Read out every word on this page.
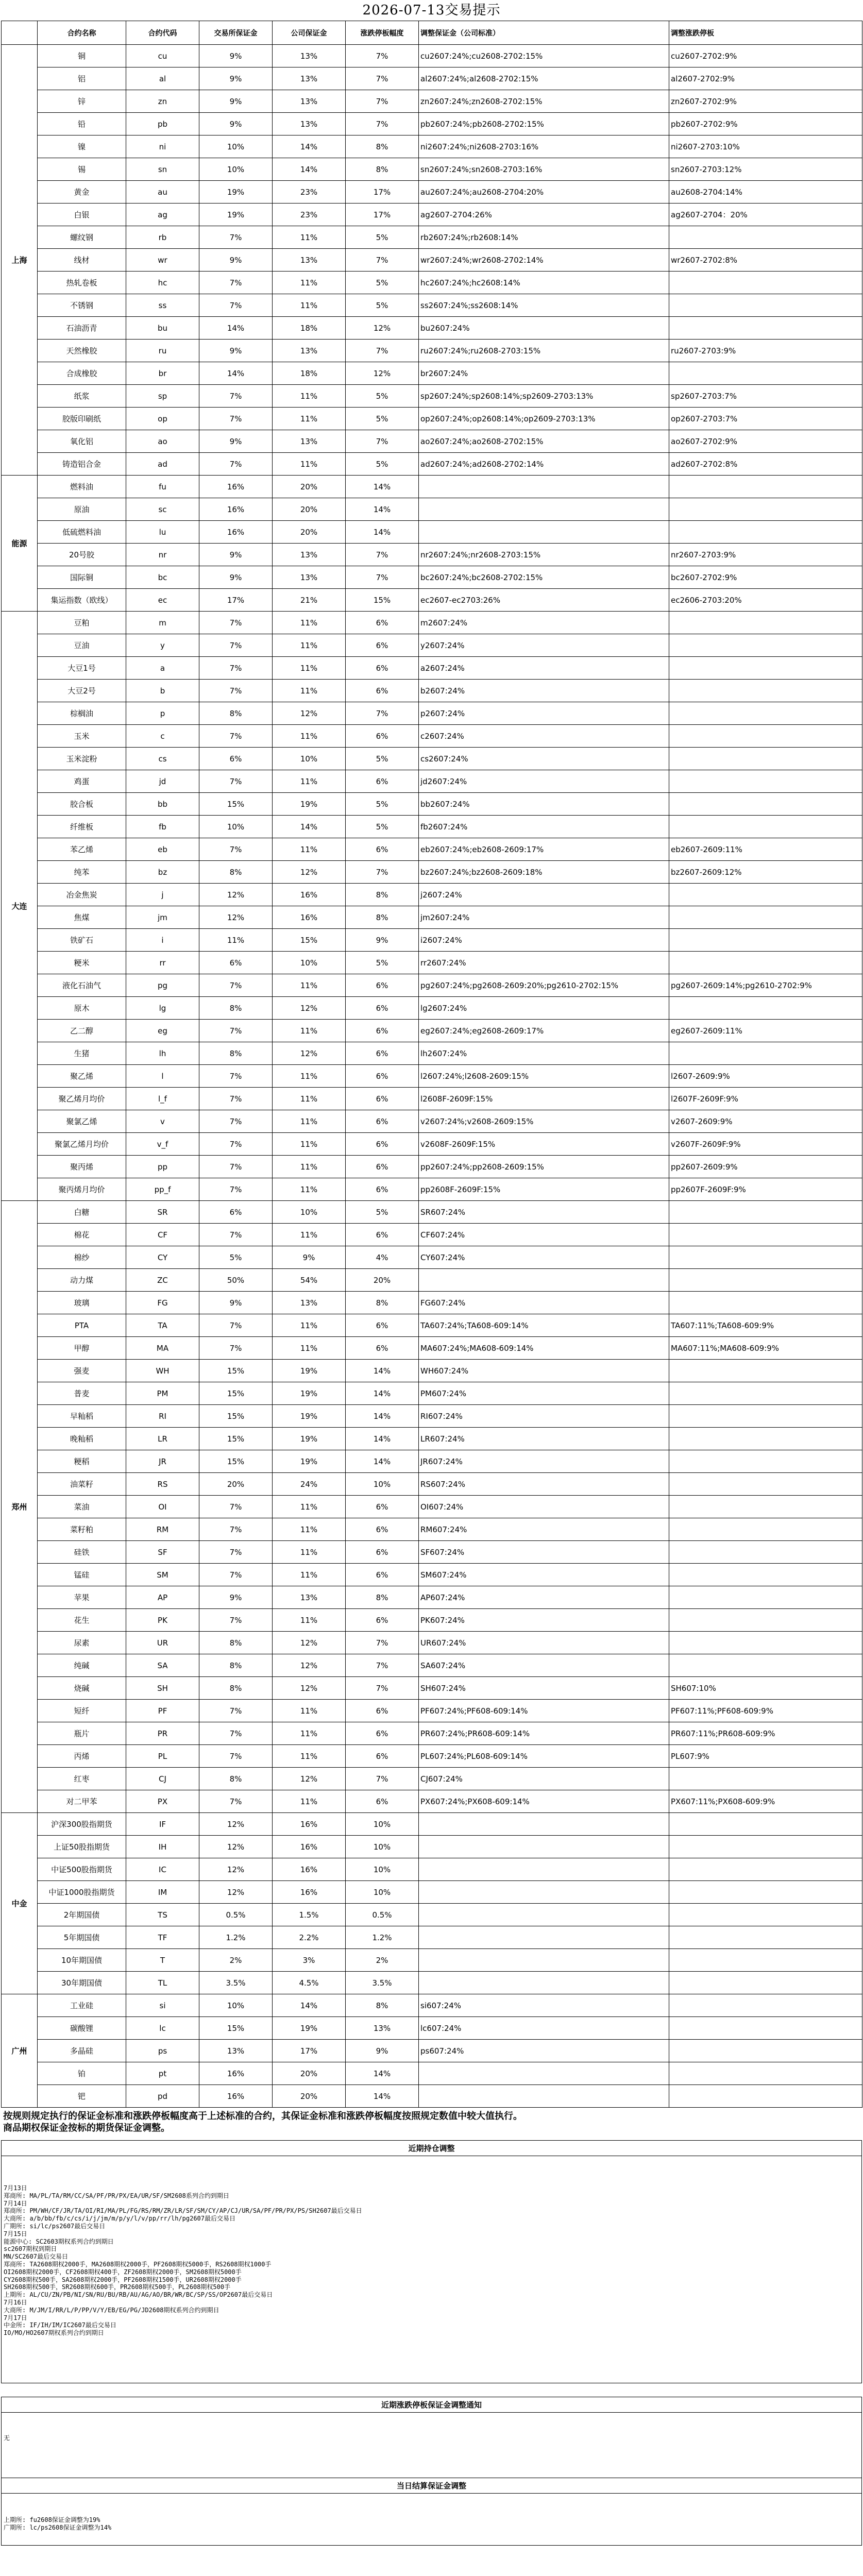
2026-07-13交易提示
	合约名称	合约代码	交易所保证金	公司保证金	涨跌停板幅度	调整保证金（公司标准）	调整涨跌停板
上海	铜	cu	9%	13%	7%	cu2607:24%;cu2608-2702:15%	cu2607-2702:9%
	铝	al	9%	13%	7%	al2607:24%;al2608-2702:15%	al2607-2702:9%
	锌	zn	9%	13%	7%	zn2607:24%;zn2608-2702:15%	zn2607-2702:9%
	铅	pb	9%	13%	7%	pb2607:24%;pb2608-2702:15%	pb2607-2702:9%
	镍	ni	10%	14%	8%	ni2607:24%;ni2608-2703:16%	ni2607-2703:10%
	锡	sn	10%	14%	8%	sn2607:24%;sn2608-2703:16%	sn2607-2703:12%
	黄金	au	19%	23%	17%	au2607:24%;au2608-2704:20%	au2608-2704:14%
	白银	ag	19%	23%	17%	ag2607-2704:26%	ag2607-2704：20%
	螺纹钢	rb	7%	11%	5%	rb2607:24%;rb2608:14%	
	线材	wr	9%	13%	7%	wr2607:24%;wr2608-2702:14%	wr2607-2702:8%
	热轧卷板	hc	7%	11%	5%	hc2607:24%;hc2608:14%	
	不锈钢	ss	7%	11%	5%	ss2607:24%;ss2608:14%	
	石油沥青	bu	14%	18%	12%	bu2607:24%	
	天然橡胶	ru	9%	13%	7%	ru2607:24%;ru2608-2703:15%	ru2607-2703:9%
	合成橡胶	br	14%	18%	12%	br2607:24%	
	纸浆	sp	7%	11%	5%	sp2607:24%;sp2608:14%;sp2609-2703:13%	sp2607-2703:7%
	胶版印刷纸	op	7%	11%	5%	op2607:24%;op2608:14%;op2609-2703:13%	op2607-2703:7%
	氧化铝	ao	9%	13%	7%	ao2607:24%;ao2608-2702:15%	ao2607-2702:9%
	铸造铝合金	ad	7%	11%	5%	ad2607:24%;ad2608-2702:14%	ad2607-2702:8%
能源	燃料油	fu	16%	20%	14%		
	原油	sc	16%	20%	14%		
	低硫燃料油	lu	16%	20%	14%		
	20号胶	nr	9%	13%	7%	nr2607:24%;nr2608-2703:15%	nr2607-2703:9%
	国际铜	bc	9%	13%	7%	bc2607:24%;bc2608-2702:15%	bc2607-2702:9%
	集运指数（欧线）	ec	17%	21%	15%	ec2607-ec2703:26%	ec2606-2703:20%
大连	豆粕	m	7%	11%	6%	m2607:24%	
	豆油	y	7%	11%	6%	y2607:24%	
	大豆1号	a	7%	11%	6%	a2607:24%	
	大豆2号	b	7%	11%	6%	b2607:24%	
	棕榈油	p	8%	12%	7%	p2607:24%	
	玉米	c	7%	11%	6%	c2607:24%	
	玉米淀粉	cs	6%	10%	5%	cs2607:24%	
	鸡蛋	jd	7%	11%	6%	jd2607:24%	
	胶合板	bb	15%	19%	5%	bb2607:24%	
	纤维板	fb	10%	14%	5%	fb2607:24%	
	苯乙烯	eb	7%	11%	6%	eb2607:24%;eb2608-2609:17%	eb2607-2609:11%
	纯苯	bz	8%	12%	7%	bz2607:24%;bz2608-2609:18%	bz2607-2609:12%
	冶金焦炭	j	12%	16%	8%	j2607:24%	
	焦煤	jm	12%	16%	8%	jm2607:24%	
	铁矿石	i	11%	15%	9%	i2607:24%	
	粳米	rr	6%	10%	5%	rr2607:24%	
	液化石油气	pg	7%	11%	6%	pg2607:24%;pg2608-2609:20%;pg2610-2702:15%	pg2607-2609:14%;pg2610-2702:9%
	原木	lg	8%	12%	6%	lg2607:24%	
	乙二醇	eg	7%	11%	6%	eg2607:24%;eg2608-2609:17%	eg2607-2609:11%
	生猪	lh	8%	12%	6%	lh2607:24%	
	聚乙烯	l	7%	11%	6%	l2607:24%;l2608-2609:15%	l2607-2609:9%
	聚乙烯月均价	l_f	7%	11%	6%	l2608F-2609F:15%	l2607F-2609F:9%
	聚氯乙烯	v	7%	11%	6%	v2607:24%;v2608-2609:15%	v2607-2609:9%
	聚氯乙烯月均价	v_f	7%	11%	6%	v2608F-2609F:15%	v2607F-2609F:9%
	聚丙烯	pp	7%	11%	6%	pp2607:24%;pp2608-2609:15%	pp2607-2609:9%
	聚丙烯月均价	pp_f	7%	11%	6%	pp2608F-2609F:15%	pp2607F-2609F:9%
郑州	白糖	SR	6%	10%	5%	SR607:24%	
	棉花	CF	7%	11%	6%	CF607:24%	
	棉纱	CY	5%	9%	4%	CY607:24%	
	动力煤	ZC	50%	54%	20%		
	玻璃	FG	9%	13%	8%	FG607:24%	
	PTA	TA	7%	11%	6%	TA607:24%;TA608-609:14%	TA607:11%;TA608-609:9%
	甲醇	MA	7%	11%	6%	MA607:24%;MA608-609:14%	MA607:11%;MA608-609:9%
	强麦	WH	15%	19%	14%	WH607:24%	
	普麦	PM	15%	19%	14%	PM607:24%	
	早籼稻	RI	15%	19%	14%	RI607:24%	
	晚籼稻	LR	15%	19%	14%	LR607:24%	
	粳稻	JR	15%	19%	14%	JR607:24%	
	油菜籽	RS	20%	24%	10%	RS607:24%	
	菜油	OI	7%	11%	6%	OI607:24%	
	菜籽粕	RM	7%	11%	6%	RM607:24%	
	硅铁	SF	7%	11%	6%	SF607:24%	
	锰硅	SM	7%	11%	6%	SM607:24%	
	苹果	AP	9%	13%	8%	AP607:24%	
	花生	PK	7%	11%	6%	PK607:24%	
	尿素	UR	8%	12%	7%	UR607:24%	
	纯碱	SA	8%	12%	7%	SA607:24%	
	烧碱	SH	8%	12%	7%	SH607:24%	SH607:10%
	短纤	PF	7%	11%	6%	PF607:24%;PF608-609:14%	PF607:11%;PF608-609:9%
	瓶片	PR	7%	11%	6%	PR607:24%;PR608-609:14%	PR607:11%;PR608-609:9%
	丙烯	PL	7%	11%	6%	PL607:24%;PL608-609:14%	PL607:9%
	红枣	CJ	8%	12%	7%	CJ607:24%	
	对二甲苯	PX	7%	11%	6%	PX607:24%;PX608-609:14%	PX607:11%;PX608-609:9%
中金	沪深300股指期货	IF	12%	16%	10%		
	上证50股指期货	IH	12%	16%	10%		
	中证500股指期货	IC	12%	16%	10%		
	中证1000股指期货	IM	12%	16%	10%		
	2年期国债	TS	0.5%	1.5%	0.5%		
	5年期国债	TF	1.2%	2.2%	1.2%		
	10年期国债	T	2%	3%	2%		
	30年期国债	TL	3.5%	4.5%	3.5%		
广州	工业硅	si	10%	14%	8%	si607:24%	
	碳酸锂	lc	15%	19%	13%	lc607:24%	
	多晶硅	ps	13%	17%	9%	ps607:24%	
	铂	pt	16%	20%	14%		
	钯	pd	16%	20%	14%		
按规则规定执行的保证金标准和涨跌停板幅度高于上述标准的合约，其保证金标准和涨跌停板幅度按照规定数值中较大值执行。
商品期权保证金按标的期货保证金调整。
近期持仓调整
7月13日
郑商所: MA/PL/TA/RM/CC/SA/PF/PR/PX/EA/UR/SF/SM2608系列合约到期日
7月14日
郑商所: PM/WH/CF/JR/TA/OI/RI/MA/PL/FG/RS/RM/ZR/LR/SF/SM/CY/AP/CJ/UR/SA/PF/PR/PX/PS/SH2607最后交易日
大商所: a/b/bb/fb/c/cs/i/j/jm/m/p/y/l/v/pp/rr/lh/pg2607最后交易日
广期所: si/lc/ps2607最后交易日
7月15日
能源中心: SC2603期权系列合约到期日
sc2607期权到期日
MN/SC2607最后交易日
郑商所: TA2608期权2000手，MA2608期权2000手，PF2608期权5000手，RS2608期权1000手
OI2608期权2000手，CF2608期权400手，ZF2608期权2000手，SM2608期权5000手
CY2608期权500手，SA2608期权2000手，PF2608期权1500手，UR2608期权2000手
SH2608期权500手，SR2608期权600手，PR2608期权500手，PL2608期权500手
上期所: AL/CU/ZN/PB/NI/SN/RU/BU/RB/AU/AG/AO/BR/WR/BC/SP/SS/OP2607最后交易日
7月16日
大商所: M/JM/I/RR/L/P/PP/V/Y/EB/EG/PG/JD2608期权系列合约到期日
7月17日
中金所: IF/IH/IM/IC2607最后交易日
IO/MO/HO2607期权系列合约到期日
近期涨跌停板保证金调整通知
无
当日结算保证金调整
上期所: fu2608保证金调整为19%
广期所: lc/ps2608保证金调整为14%
